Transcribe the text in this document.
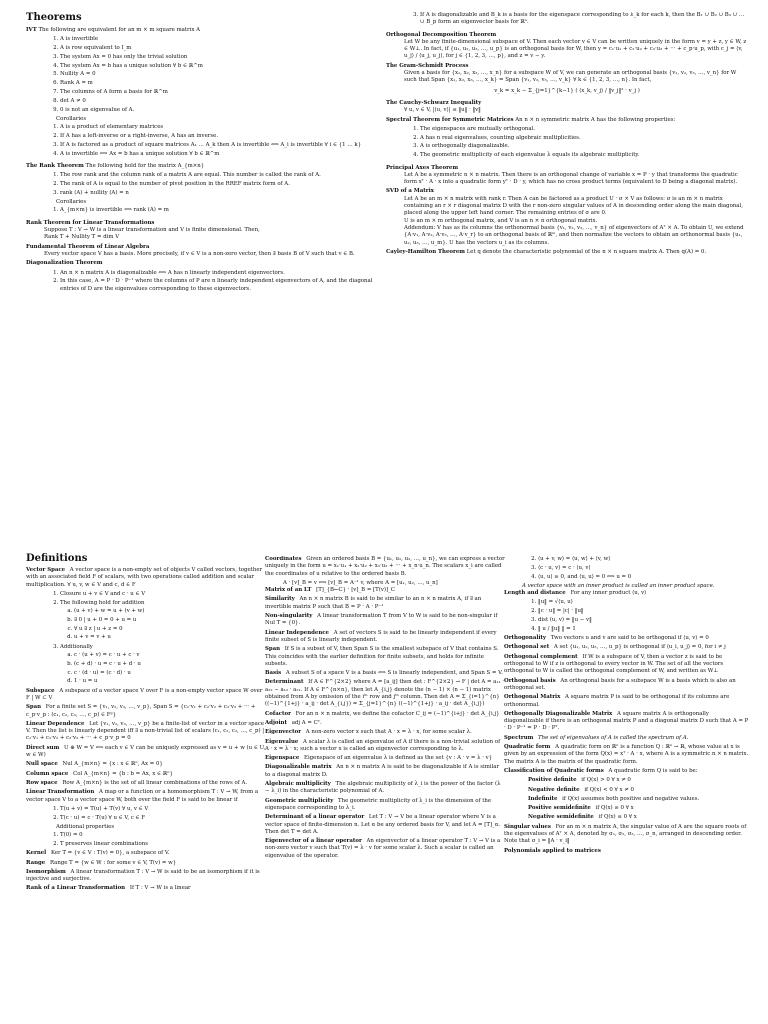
Theorems
IVT The following are equivalent for an m × m square matrix A
1. A is invertible
2. A is row equivalent to I_m
3. The system Ax = 0 has only the trivial solution
4. The system Ax = b has a unique solution ∀ b ∈ ℝ^m
5. Nullity A = 0
6. Rank A = m
7. The columns of A form a basis for ℝ^m
8. det A ≠ 0
9. 0 is not an eigenvalue of A.
Corollaries
1. A is a product of elementary matrices
2. If A has a left-inverse or a right-inverse, A has an inverse.
3. If A is factored as a product of square matrices A₁ … A_k then A is invertible ⟺ A_i is invertible ∀ i ∈ {1 … k}
4. A is invertible ⟺ Ax = b has a unique solution ∀ b ∈ ℝ^m
The Rank Theorem The following hold for the matrix A_{m×n}
1. The row rank and the column rank of a matrix A are equal. This number is called the rank of A.
2. The rank of A is equal to the number of pivot position in the RREF matrix form of A.
3. rank (A) + nullity (A) = n
Corollaries
1. A_{m×m} is invertible ⟺ rank (A) = m
Rank Theorem for Linear Transformations
Suppose T : V → W is a linear transformation and V is finite dimensional. Then,
Rank T + Nullity T = dim V
Fundamental Theorem of Linear Algebra
Every vector space V has a basis. More precisely, if v ∈ V is a non-zero vector, then ∃ basis B of V such that v ∈ B.
Diagonalization Theorem
1. An n × n matrix A is diagonalizable ⟺ A has n linearly independent eigenvectors.
2. In this case, A = P · D · P⁻¹ where the columns of P are n linearly independent eigenvectors of A, and the diagonal entries of D are the eigenvalues corresponding to these eigenvectors.
3. If A is diagonalizable and B_k is a basis for the eigenspace corresponding to λ_k for each k, then the B₁ ∪ B₂ ∪ B₃ ∪ … ∪ B_p form an eigenvector basis for ℝⁿ.
Orthogonal Decomposition Theorem
Let W be any finite-dimensional subspace of V. Then each vector v ∈ V can be written uniquely in the form v = y + z, y ∈ W, z ∈ W⊥. In fact, if {u₁, u₂, u₃, …, u_p} is an orthogonal basis for W, then y = c₁·u₁ + c₂·u₂ + c₃·u₃ + ··· + c_p·u_p, with c_j = ⟨v, u_j⟩ / ⟨u_j, u_j⟩, for j ∈ {1, 2, 3, …, p}, and z = v − y.
The Gram-Schmidt Process
Given a basis for {x₁, x₂, x₃, …, x_n} for a subspace W of V, we can generate an orthogonal basis {v₁, v₂, v₃, …, v_n} for W such that Span {x₁, x₂, x₃, …, x_k} = Span {v₁, v₂, v₃, …, v_k} ∀ k ∈ {1, 2, 3, …, n}. In fact,
v_k = x_k − Σ_{j=1}^{k−1} ( ⟨x_k, v_j⟩ / ‖v_j‖² · v_j )
The Cauchy-Schwarz Inequality
∀ u, v ∈ V, |⟨u, v⟩| ≤ ‖u‖ · ‖v‖
Spectral Theorem for Symmetric Matrices An n × n symmetric matrix A has the following properties:
1. The eigenspaces are mutually orthogonal.
2. A has n real eigenvalues, counting algebraic multiplicities.
3. A is orthogonally diagonalizable.
4. The geometric multiplicity of each eigenvalue λ equals its algebraic multiplicity.
Principal Axes Theorem
Let A be a symmetric n × n matrix. Then there is an orthogonal change of variable x = P · y that transforms the quadratic form xᵀ · A · x into a quadratic form yᵀ · D · y, which has no cross product terms (equivalent to D being a diagonal matrix).
SVD of a Matrix
Let A be an m × n matrix with rank r. Then A can be factored as a product U · σ × V as follows: σ is an m × n matrix containing an r × r diagonal matrix D with the r non-zero singular values of A in descending order along the main diagonal, placed along the upper left hand corner. The remaining entries of σ are 0.
U is an m × m orthogonal matrix, and V is an n × n orthogonal matrix.
Addendum: V has as its columns the orthonormal basis {v₁, v₂, v₃, …, v_n} of eigenvectors of Aᵀ × A. To obtain U, we extend {A·v₁, A·v₂, A·v₃, …, A·v_r} to an orthogonal basis of ℝᵐ, and then normalize the vectors to obtain an orthonormal basis {u₁, u₂, u₃, …, u_m}. U has the vectors u_i as its columns.
Cayley-Hamilton Theorem Let q denote the characteristic polynomial of the n × n square matrix A. Then q(A) = 0.
Definitions
Vector Space A vector space is a non-empty set of objects V called vectors, together with an associated field F of scalars, with two operations called addition and scalar multiplication. ∀ u, v, w ∈ V and c, d ∈ F
1. Closure u + v ∈ V and c · u ∈ V
2. The following hold for addition
a. (u + v) + w = u + (v + w)
b. ∃ 0 | u + 0 = 0 + u = u
c. ∀ u ∃ z | u + z = 0
d. u + v = v + u
3. Additionally
a. c · (u + v) = c · u + c · v
b. (c + d) · u = c · u + d · u
c. c · (d · u) = (c · d) · u
d. 1 · u = u
Subspace A subspace of a vector space V over F is a non-empty vector space W over F | W ⊂ V
Span For a finite set S = {v₁, v₂, v₃, …, v_p}, Span S = {c₁·v₁ + c₂·v₂ + c₃·v₃ + ··· + c_p·v_p : (c₁, c₂, c₃, …, c_p) ∈ Fᵖ}
Linear Dependence Let {v₁, v₂, v₃, …, v_p} be a finite-list of vector in a vector space V. Then the list is linearly dependent iff ∃ a non-trivial list of scalars (c₁, c₂, c₃, …, c_p) | c₁·v₁ + c₂·v₂ + c₃·v₃ + ··· + c_p·v_p = 0
Direct sum U ⊕ W = V ⟺ each v ∈ V can be uniquely expressed as v = u + w (u ∈ U, w ∈ W)
Null space Nul A_{m×n} = {x : x ∈ ℝⁿ, Ax = 0}
Column space Col A_{m×n} = {b : b = Ax, x ∈ ℝⁿ}
Row space Row A_{m×n} is the set of all linear combinations of the rows of A.
Linear Transformation A map or a function or a homomorphism T : V → W, from a vector space V to a vector space W, both over the field F is said to be linear if
1. T(u + v) = T(u) + T(v) ∀ u, v ∈ V
2. T(c · u) = c · T(u) ∀ u ∈ V, c ∈ F
Additional properties
1. T(0) = 0
2. T preserves linear combinations
Kernel Ker T = {v ∈ V : T(v) = 0}, a subspace of V.
Range Range T = {w ∈ W : for some v ∈ V, T(v) = w}
Isomorphism A linear transformation T : V → W is said to be an isomorphism if it is injective and surjective.
Rank of a Linear Transformation If T : V → W is a linear
Coordinates Given an ordered basis B = {u₁, u₂, u₃, …, u_n}, we can express a vector uniquely in the form u = x₁·u₁ + x₂·u₂ + x₃·u₃ + ··· + x_n·u_n. The scalars x_i are called the coordinates of u relative to the ordered basis B.
A · [v]_B = v ⟺ [v]_B = A⁻¹ v, where A = [u₁, u₂, …, u_n]
Matrix of an LT [T]_{B←C} · [v]_B = [T(v)]_C
Similarity An n × n matrix B is said to be similar to an n × n matrix A, if ∃ an invertible matrix P such that B = P · A · P⁻¹
Non-singularity A linear transformation T from V to W is said to be non-singular if Nul T = {0}.
Linear Independence A set of vectors S is said to be linearly independent if every finite subset of S is linearly independent.
Span If S is a subset of V, then Span S is the smallest subspace of V that contains S. This coincides with the earlier definition for finite subsets, and holds for infinite subsets.
Basis A subset S of a space V is a basis ⟺ S is linearly independent, and Span S = V.
Determinant If A ∈ F^{2×2} where A = [a_ij] then det : F^{2×2} → F | det A = a₁₁ · a₂₂ − a₁₂ · a₂₁. If A ∈ F^{n×n}, then let A_{i,j} denote the (n − 1) × (n − 1) matrix obtained from A by omission of the iᵗʰ row and jᵗʰ column. Then det A = Σ_{i=1}^{n} ((−1)^{1+j} · a_ij · det A_{i,j}) = Σ_{j=1}^{n} ((−1)^{1+j} · a_ij · det A_{i,j})
Cofactor For an n × n matrix, we define the cofactor C_ij = (−1)^{i+j} · det A_{i,j}
Adjoint adj A = Cᵀ.
Eigenvector A non-zero vector x such that A · x = λ · x, for some scalar λ.
Eigenvalue A scalar λ is called an eigenvalue of A if there is a non-trivial solution of A · x = λ · x; such a vector x is called an eigenvector corresponding to λ.
Eigenspace Eigenspace of an eigenvalue λ is defined as the set {v : A · v = λ · v}
Diagonalizable matrix An n × n matrix A is said to be diagonalizable if A is similar to a diagonal matrix D.
Algebraic multiplicity The algebraic multiplicity of λ_i is the power of the factor (λ − λ_i) in the characteristic polynomial of A.
Geometric multiplicity The geometric multiplicity of λ_i is the dimension of the eigenspace corresponding to λ_i.
Determinant of a linear operator Let T : V → V be a linear operator where V is a vector space of finite-dimension n. Let α be any ordered basis for V, and let A = [T]_α. Then det T = det A.
Eigenvector of a linear operator An eigenvector of a linear operator T : V → V is a non-zero vector v such that T(v) = λ · v for some scalar λ. Such a scalar is called an eigenvalue of the operator.
2. ⟨u + v, w⟩ = ⟨u, w⟩ + ⟨v, w⟩
3. ⟨c · u, v⟩ = c · ⟨u, v⟩
4. ⟨u, u⟩ ≥ 0, and ⟨u, u⟩ = 0 ⟺ u = 0
A vector space with an inner product is called an inner product space.
Length and distance For any inner product ⟨u, v⟩
1. ‖u‖ = √⟨u, u⟩
2. ‖c · u‖ = |c| · ‖u‖
3. dist (u, v) = ‖u − v‖
4. ‖ u / ‖u‖ ‖ = 1
Orthogonality Two vectors u and v are said to be orthogonal if ⟨u, v⟩ = 0
Orthogonal set A set {u₁, u₂, u₃, …, u_p} is orthogonal if ⟨u_i, u_j⟩ = 0, for i ≠ j
Orthogonal complement If W is a subspace of V, then a vector z is said to be orthogonal to W if z is orthogonal to every vector in W. The set of all the vectors orthogonal to W is called the orthogonal complement of W, and written as W⊥
Orthogonal basis An orthogonal basis for a subspace W is a basis which is also an orthogonal set.
Orthogonal Matrix A square matrix P is said to be orthogonal if its columns are orthonormal.
Orthogonally Diagonalizable Matrix A square matrix A is orthogonally diagonalizable if there is an orthogonal matrix P and a diagonal matrix D such that A = P · D · P⁻¹ = P · D · Pᵀ.
Spectrum The set of eigenvalues of A is called the spectrum of A.
Quadratic form A quadratic form on ℝⁿ is a function Q : ℝⁿ → ℝ, whose value at x is given by an expression of the form Q(x) = xᵀ · A · x, where A is a symmetric n × n matrix. The matrix A is the matrix of the quadratic form.
Classification of Quadratic forms A quadratic form Q is said to be:
Positive definite if Q(x) > 0 ∀ x ≠ 0
Negative definite if Q(x) < 0 ∀ x ≠ 0
Indefinite if Q(x) assumes both positive and negative values.
Positive semidefinite if Q(x) ≥ 0 ∀ x
Negative semidefinite if Q(x) ≤ 0 ∀ x
Singular values For an m × n matrix A, the singular value of A are the square roots of the eigenvalues of Aᵀ × A, denoted by σ₁, σ₂, σ₃, …, σ_n, arranged in descending order. Note that σ_i = ‖A · v_i‖
Polynomials applied to matrices
